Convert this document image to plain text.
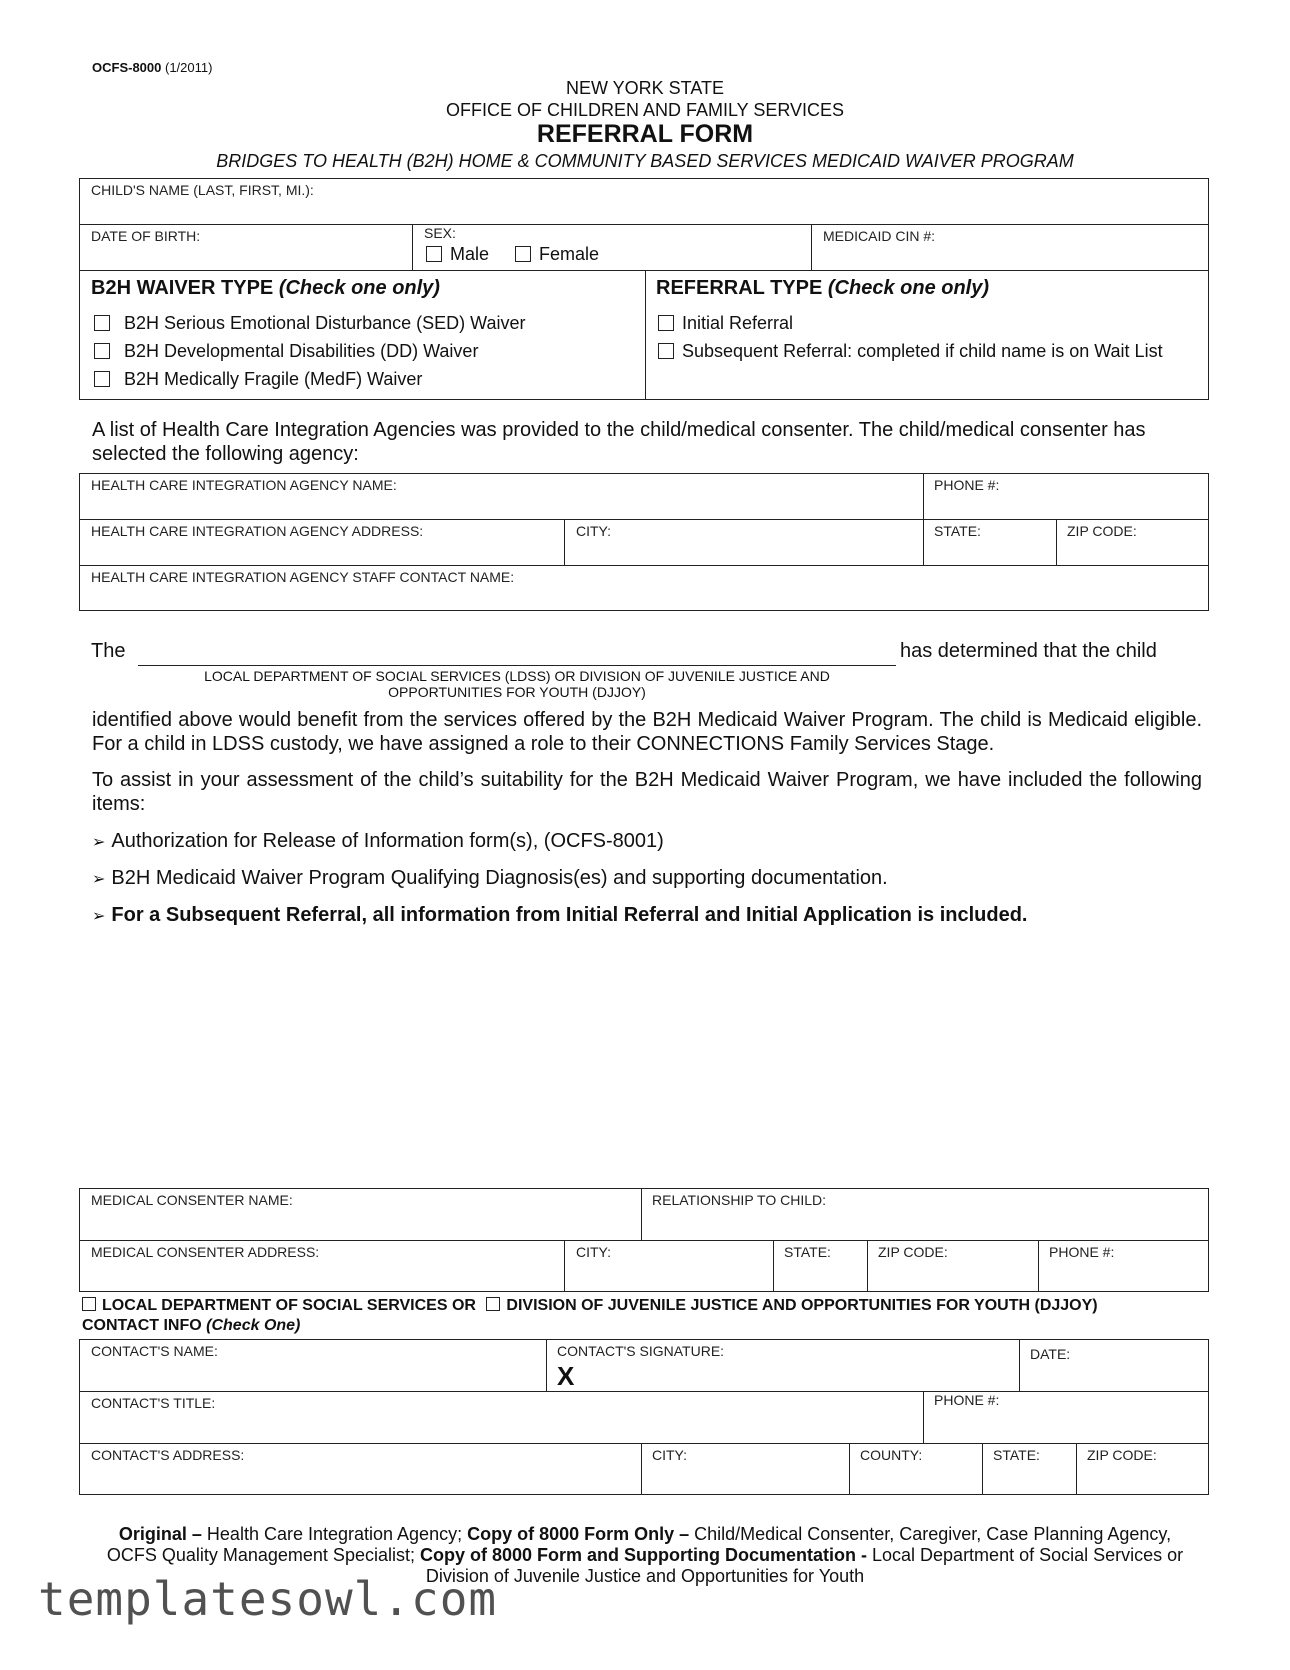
OCFS-8000 (1/2011)
NEW YORK STATE
OFFICE OF CHILDREN AND FAMILY SERVICES
REFERRAL FORM
BRIDGES TO HEALTH (B2H) HOME & COMMUNITY BASED SERVICES MEDICAID WAIVER PROGRAM
CHILD'S NAME (LAST, FIRST, MI.):
DATE OF BIRTH:	SEX:
Male	Female
MEDICAID CIN #:
B2H WAIVER TYPE (Check one only)
B2H Serious Emotional Disturbance (SED) Waiver
B2H Developmental Disabilities (DD) Waiver
B2H Medically Fragile (MedF) Waiver
REFERRAL TYPE (Check one only)
Initial Referral
Subsequent Referral: completed if child name is on Wait List
A list of Health Care Integration Agencies was provided to the child/medical consenter. The child/medical consenter has selected the following agency:
HEALTH CARE INTEGRATION AGENCY NAME:	PHONE #:
HEALTH CARE INTEGRATION AGENCY ADDRESS:	CITY:	STATE:	ZIP CODE:
HEALTH CARE INTEGRATION AGENCY STAFF CONTACT NAME:
The	has determined that the child
LOCAL DEPARTMENT OF SOCIAL SERVICES (LDSS) OR DIVISION OF JUVENILE JUSTICE AND
OPPORTUNITIES FOR YOUTH (DJJOY)
identified above would benefit from the services offered by the B2H Medicaid Waiver Program. The child is Medicaid eligible. For a child in LDSS custody, we have assigned a role to their CONNECTIONS Family Services Stage.
To assist in your assessment of the child’s suitability for the B2H Medicaid Waiver Program, we have included the following items:
➢ Authorization for Release of Information form(s), (OCFS-8001)
➢ B2H Medicaid Waiver Program Qualifying Diagnosis(es) and supporting documentation.
➢ For a Subsequent Referral, all information from Initial Referral and Initial Application is included.
MEDICAL CONSENTER NAME:	RELATIONSHIP TO CHILD:
MEDICAL CONSENTER ADDRESS:	CITY:	STATE:	ZIP CODE:	PHONE #:
LOCAL DEPARTMENT OF SOCIAL SERVICES OR DIVISION OF JUVENILE JUSTICE AND OPPORTUNITIES FOR YOUTH (DJJOY)
CONTACT INFO (Check One)
CONTACT'S NAME:	CONTACT'S SIGNATURE:
X
DATE:
CONTACT'S TITLE:	PHONE #:
CONTACT'S ADDRESS:	CITY:	COUNTY:	STATE:	ZIP CODE:
Original – Health Care Integration Agency; Copy of 8000 Form Only – Child/Medical Consenter, Caregiver, Case Planning Agency, OCFS Quality Management Specialist; Copy of 8000 Form and Supporting Documentation - Local Department of Social Services or Division of Juvenile Justice and Opportunities for Youth
templatesowl.com
